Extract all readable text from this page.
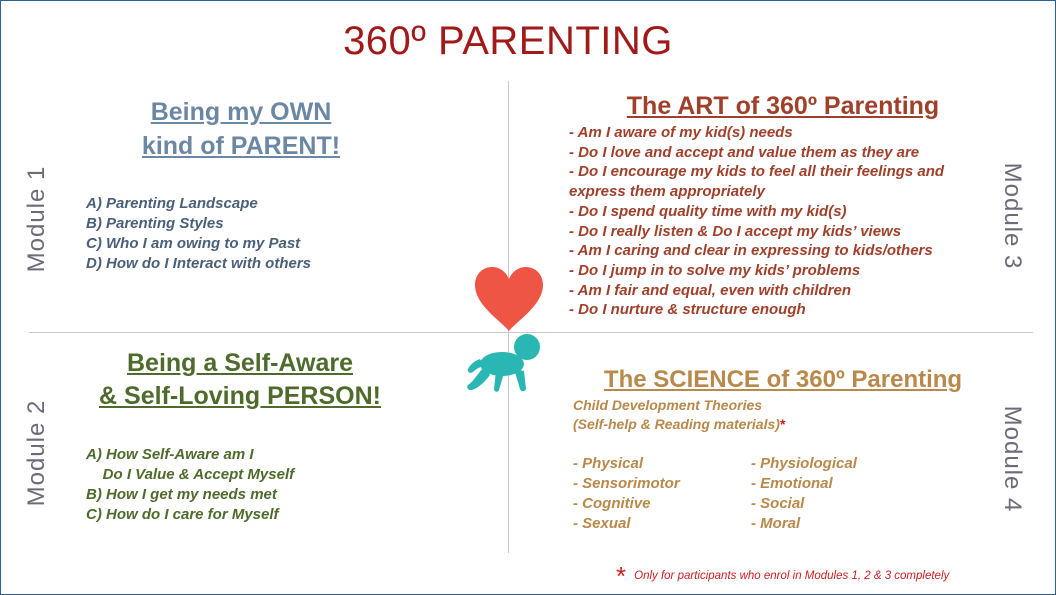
360º PARENTING
Module 1
Module 2
Module 3
Module 4
Being my OWN
kind of PARENT!
A) Parenting Landscape
B) Parenting Styles
C) Who I am owing to my Past
D) How do I Interact with others
Being a Self-Aware
& Self-Loving PERSON!
A) How Self-Aware am I
Do I Value & Accept Myself
B) How I get my needs met
C) How do I care for Myself
The ART of 360º Parenting
- Am I aware of my kid(s) needs
- Do I love and accept and value them as they are
- Do I encourage my kids to feel all their feelings and express them appropriately
- Do I spend quality time with my kid(s)
- Do I really listen & Do I accept my kids’ views
- Am I caring and clear in expressing to kids/others
- Do I jump in to solve my kids’ problems
- Am I fair and equal, even with children
- Do I nurture & structure enough
The SCIENCE of 360º Parenting
Child Development Theories
(Self-help & Reading materials)*
- Physical
- Sensorimotor
- Cognitive
- Sexual
- Physiological
- Emotional
- Social
- Moral
* Only for participants who enrol in Modules 1, 2 & 3 completely
